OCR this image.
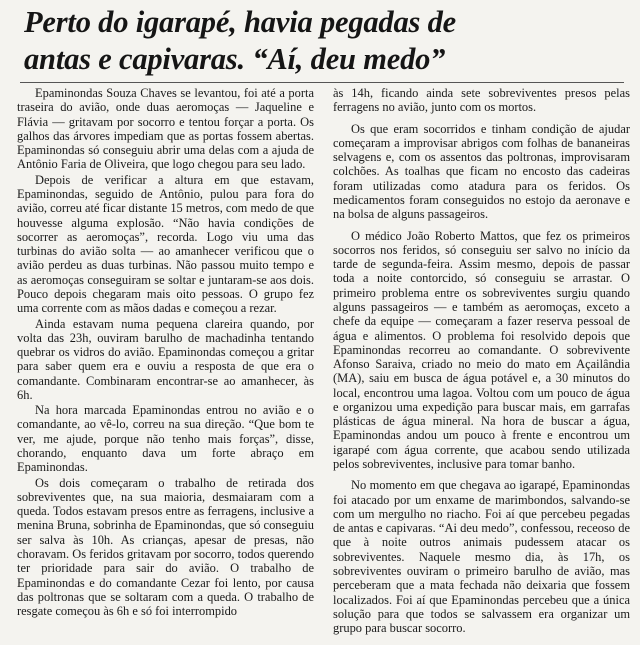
Perto do igarapé, havia pegadas de
antas e capivaras. “Aí, deu medo”

Epaminondas Souza Chaves se levantou, foi até a porta traseira do avião, onde duas aeromoças — Jaqueline e Flávia — gritavam por socorro e tentou forçar a porta. Os galhos das árvores impediam que as portas fossem abertas. Epaminondas só conseguiu abrir uma delas com a ajuda de Antônio Faria de Oliveira, que logo chegou para seu lado.

Depois de verificar a altura em que estavam, Epaminondas, seguido de Antônio, pulou para fora do avião, correu até ficar distante 15 metros, com medo de que houvesse alguma explosão. “Não havia condições de socorrer as aeromoças”, recorda. Logo viu uma das turbinas do avião solta — ao amanhecer verificou que o avião perdeu as duas turbinas. Não passou muito tempo e as aeromoças conseguiram se soltar e juntaram-se aos dois. Pouco depois chegaram mais oito pessoas. O grupo fez uma corrente com as mãos dadas e começou a rezar.

Ainda estavam numa pequena clareira quando, por volta das 23h, ouviram barulho de machadinha tentando quebrar os vidros do avião. Epaminondas começou a gritar para saber quem era e ouviu a resposta de que era o comandante. Combinaram encontrar-se ao amanhecer, às 6h.

Na hora marcada Epaminondas entrou no avião e o comandante, ao vê-lo, correu na sua direção. “Que bom te ver, me ajude, porque não tenho mais forças”, disse, chorando, enquanto dava um forte abraço em Epaminondas.

Os dois começaram o trabalho de retirada dos sobreviventes que, na sua maioria, desmaiaram com a queda. Todos estavam presos entre as ferragens, inclusive a menina Bruna, sobrinha de Epaminondas, que só conseguiu ser salva às 10h. As crianças, apesar de presas, não choravam. Os feridos gritavam por socorro, todos querendo ter prioridade para sair do avião. O trabalho de Epaminondas e do comandante Cezar foi lento, por causa das poltronas que se soltaram com a queda. O trabalho de resgate começou às 6h e só foi interrompido

às 14h, ficando ainda sete sobreviventes presos pelas ferragens no avião, junto com os mortos.

Os que eram socorridos e tinham condição de ajudar começaram a improvisar abrigos com folhas de bananeiras selvagens e, com os assentos das poltronas, improvisaram colchões. As toalhas que ficam no encosto das cadeiras foram utilizadas como atadura para os feridos. Os medicamentos foram conseguidos no estojo da aeronave e na bolsa de alguns passageiros.

O médico João Roberto Mattos, que fez os primeiros socorros nos feridos, só conseguiu ser salvo no início da tarde de segunda-feira. Assim mesmo, depois de passar toda a noite contorcido, só conseguiu se arrastar. O primeiro problema entre os sobreviventes surgiu quando alguns passageiros — e também as aeromoças, exceto a chefe da equipe — começaram a fazer reserva pessoal de água e alimentos. O problema foi resolvido depois que Epaminondas recorreu ao comandante. O sobrevivente Afonso Saraiva, criado no meio do mato em Açailândia (MA), saiu em busca de água potável e, a 30 minutos do local, encontrou uma lagoa. Voltou com um pouco de água e organizou uma expedição para buscar mais, em garrafas plásticas de água mineral. Na hora de buscar a água, Epaminondas andou um pouco à frente e encontrou um igarapé com água corrente, que acabou sendo utilizada pelos sobreviventes, inclusive para tomar banho.

No momento em que chegava ao igarapé, Epaminondas foi atacado por um enxame de marimbondos, salvando-se com um mergulho no riacho. Foi aí que percebeu pegadas de antas e capivaras. “Ai deu medo”, confessou, receoso de que à noite outros animais pudessem atacar os sobreviventes. Naquele mesmo dia, às 17h, os sobreviventes ouviram o primeiro barulho de avião, mas perceberam que a mata fechada não deixaria que fossem localizados. Foi aí que Epaminondas percebeu que a única solução para que todos se salvassem era organizar um grupo para buscar socorro.
